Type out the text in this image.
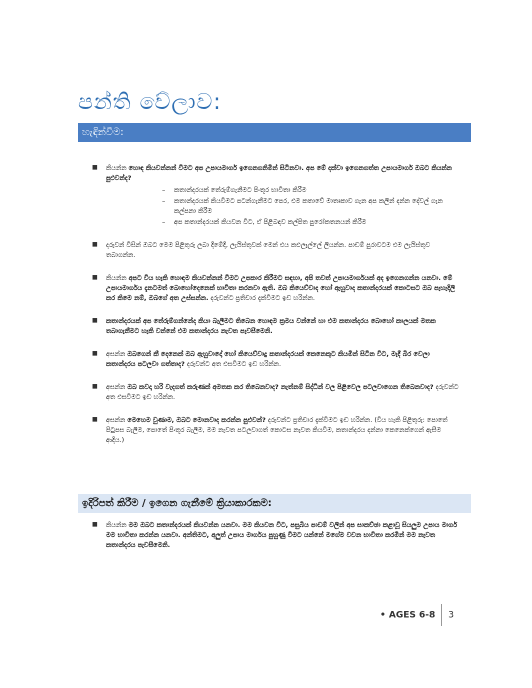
පන්ති වේලාව:
හැඳින්වීම:
■ කියන්න හොඳ කියවන්නන් වීමට අප උපායමාර්ග ඉගෙනගනිමින් සිටිනවා. අප මේ දක්වා ඉගෙනගත්ත උපායමාර්ග ඔබට කියන්න පුළුවන්ද?
– කතාන්දරයක් තේරුම්ගැනීමට පිංතූර භාවිතා කිරීම
– කතාන්දරයක් කියවීමට පටන්ගැනීමට පෙර, එම කතාවේ මාතෘකාව ගැන අප කලින් දන්න දේවල් ගැන කල්පනා කිරීම
– අප කතාන්දරයක් කියවන විට, ඒ පිළිබඳව කල්පිත පුරෝකතනයන් කිරීම
■ දරුවන් විසින් ඔබට මෙම පිළිතුරු ලබා දීමේදී, ලැයිස්තුවක් මෙන් එය කළුලෑල්ලේ ලියන්න. පාඩම් පුරාවටම එම ලැයිස්තුව තබාගන්න.
■ කියන්න අපට විය හැකි හොඳම කියවන්නන් වීමට උපකාර කිරීමට සඳහා, අපි තවත් උපායමාර්ගයක් අද ඉගෙනගන්න යනවා. මේ උපායමාර්ගය දැනටමත් බොහෝදෙනෙක් භාවිතා කරනවා ඇති. ඔබ කියෙව්වාද හෝ ඇහුවාද කතාන්දරයක් කොටසට ඔබ පැහැදිලි කර කිමෙ නම්, ඔබගේ අත උස්සන්න. දරුවන්ට ප්‍රතිචාර දැක්වීමට ඉඩ හරින්න.
■ කතාන්දරයක් අප තේරුම්ගන්නේද කියා බැලීමට තිබෙන හොඳම ක්‍රමය වන්නේ හා එම කතාන්දරය බොහෝ කාලයක් මතක තබාගැනීමට හැකි වන්නේ එම කතාන්දරය නැවත පැවසීමෙනි.
■ අසන්න ඔබගෙන් කී දෙනෙක් ඔබ ඇහුවාදෝ හෝ කියෙව්වාදු කතාන්දරයක් කෙනෙකුට කියමින් සිටින විට, මැදී බිර වෙලා කතාන්දරය පටලවා ගත්තාද? දරුවන්ට අත එසවීමට ඉඩ හරින්න.
■ අසන්න ඔබ කවදා හරි වැදගත් කරුණක් අමතක කර තිබෙනවාද? නැත්නම් සිද්ධීන් වල පිළිවෙල පටලවාගෙන තිබෙනවාද? දරුවන්ට අත එසවීමට ඉඩ හරින්න.
■ අසන්න මෙහෙම වුණාම, ඔබට මොනවාද කරන්න පුළුවන්? දරුවන්ට ප්‍රතිචාර දැක්වීමට ඉඩ හරින්න. (විය හැකි පිළිතුරු: පොතේ පිටුපස බැලීම, පොතේ පිංතූර බැලීම, මම නැවත පටලවාගත් කොටස නැවත කියවීම, කතාන්දරය දන්නා කෙනෙක්ගෙන් ඇසීම ආදිය.)
ඉදිරිපත් කිරීම / ඉගෙන ගැනීමේ ක්‍රියාකාරකම:
■ කියන්න මම ඔබට කතාන්දරයක් කියවන්න යනවා. මම කියවන විට, පසුබිය පාඩම් වලින් අප සාකච්ඡා කළාවූ සියලුම උපාය මාර්ග මම භාවිතා කරන්න යනවා. අන්තිමට, අලුත් උපාය මාර්ගය පුහුණු වීමට යන්නේ මගේම වචන භාවිතා කරමින් මම නැවත කතාන්දරය පැවසීමෙනි.
• AGES 6-8 3
